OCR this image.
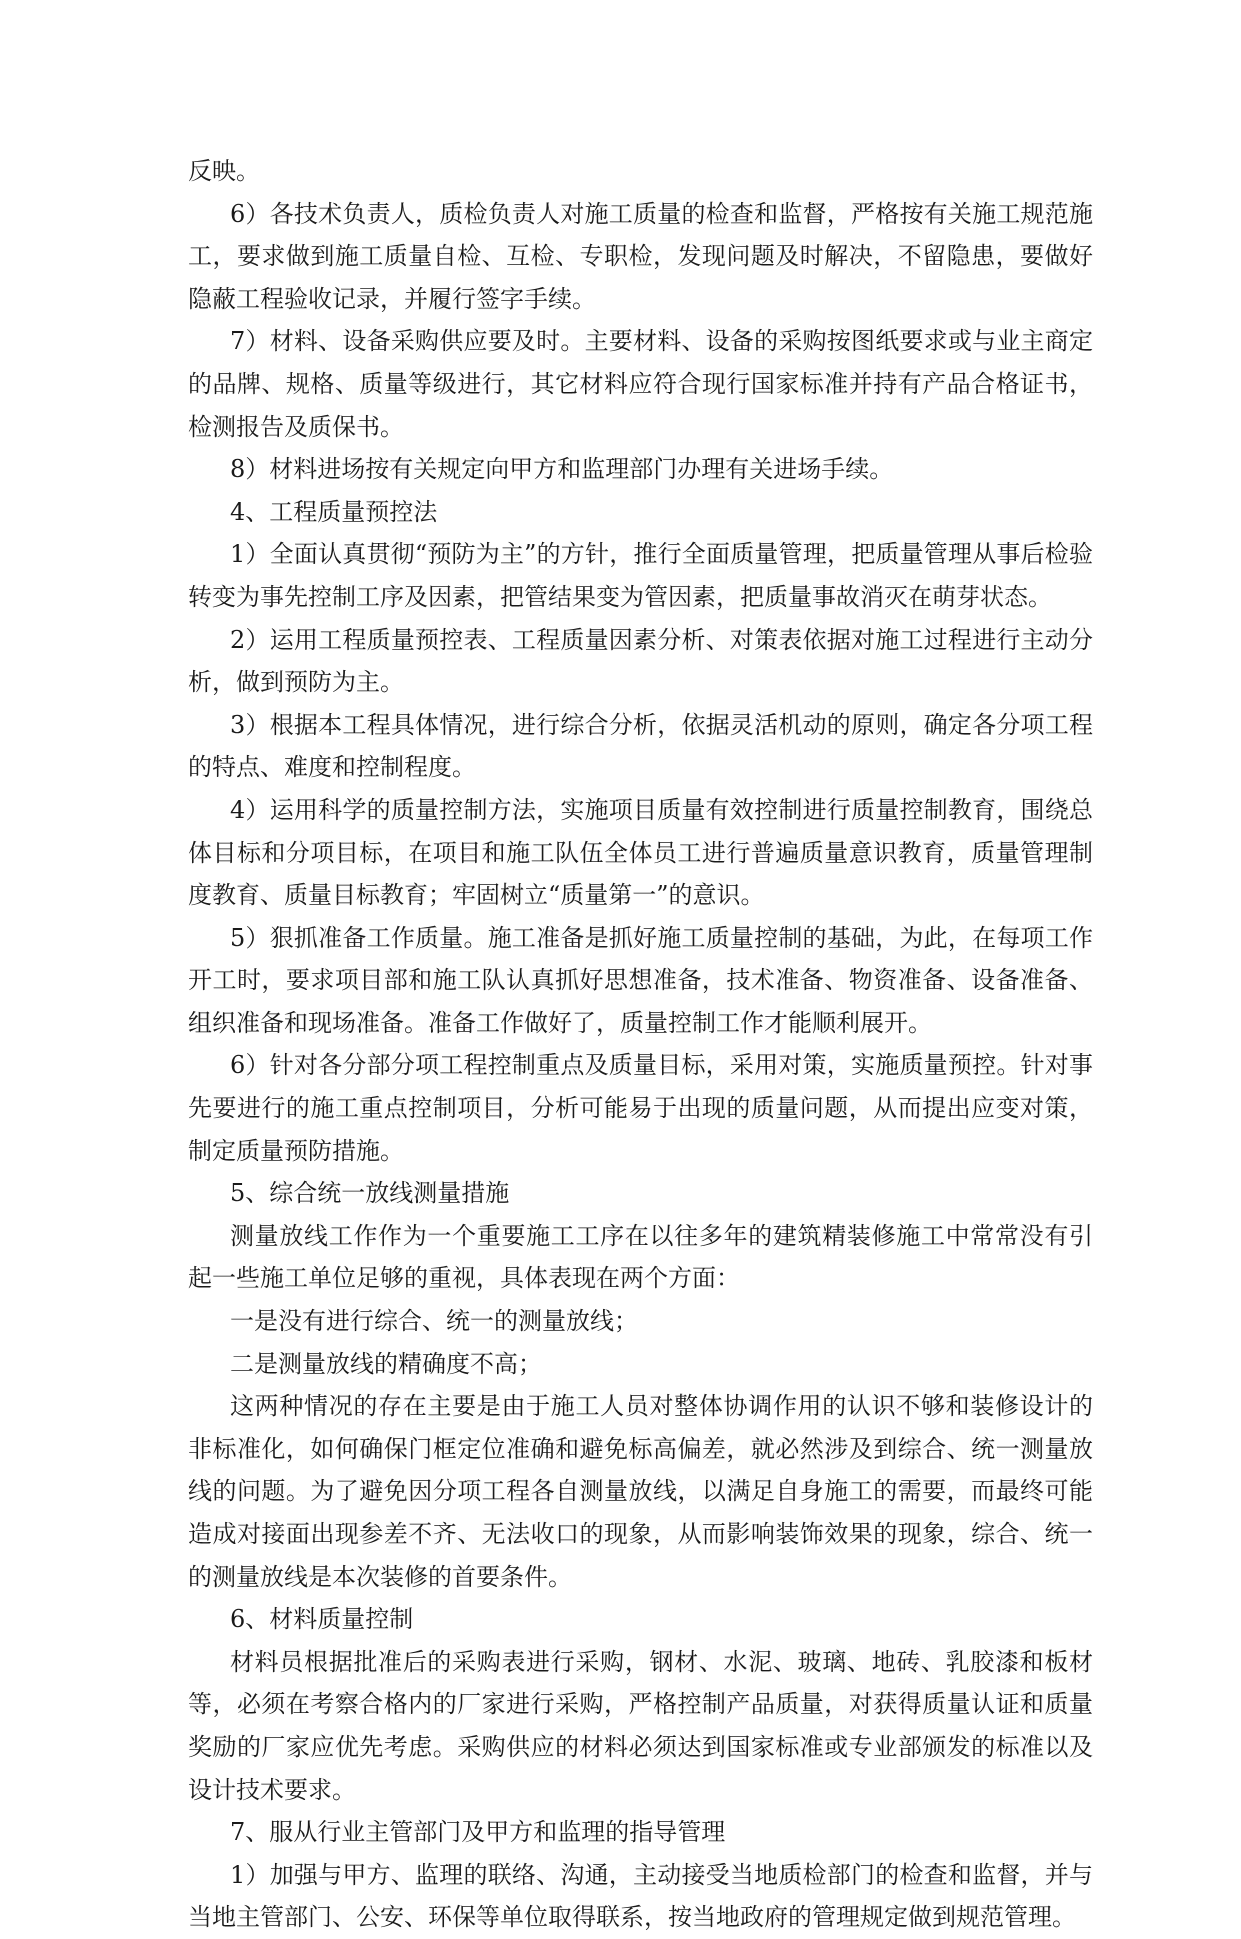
反映。

6）各技术负责人，质检负责人对施工质量的检查和监督，严格按有关施工规范施工，要求做到施工质量自检、互检、专职检，发现问题及时解决，不留隐患，要做好隐蔽工程验收记录，并履行签字手续。

7）材料、设备采购供应要及时。主要材料、设备的采购按图纸要求或与业主商定的品牌、规格、质量等级进行，其它材料应符合现行国家标准并持有产品合格证书，检测报告及质保书。

8）材料进场按有关规定向甲方和监理部门办理有关进场手续。

4、工程质量预控法

1）全面认真贯彻“预防为主”的方针，推行全面质量管理，把质量管理从事后检验转变为事先控制工序及因素，把管结果变为管因素，把质量事故消灭在萌芽状态。

2）运用工程质量预控表、工程质量因素分析、对策表依据对施工过程进行主动分析，做到预防为主。

3）根据本工程具体情况，进行综合分析，依据灵活机动的原则，确定各分项工程的特点、难度和控制程度。

4）运用科学的质量控制方法，实施项目质量有效控制进行质量控制教育，围绕总体目标和分项目标，在项目和施工队伍全体员工进行普遍质量意识教育，质量管理制度教育、质量目标教育；牢固树立“质量第一”的意识。

5）狠抓准备工作质量。施工准备是抓好施工质量控制的基础，为此，在每项工作开工时，要求项目部和施工队认真抓好思想准备，技术准备、物资准备、设备准备、组织准备和现场准备。准备工作做好了，质量控制工作才能顺利展开。

6）针对各分部分项工程控制重点及质量目标，采用对策，实施质量预控。针对事先要进行的施工重点控制项目，分析可能易于出现的质量问题，从而提出应变对策，制定质量预防措施。

5、综合统一放线测量措施

测量放线工作作为一个重要施工工序在以往多年的建筑精装修施工中常常没有引起一些施工单位足够的重视，具体表现在两个方面：

一是没有进行综合、统一的测量放线；

二是测量放线的精确度不高；

这两种情况的存在主要是由于施工人员对整体协调作用的认识不够和装修设计的非标准化，如何确保门框定位准确和避免标高偏差，就必然涉及到综合、统一测量放线的问题。为了避免因分项工程各自测量放线，以满足自身施工的需要，而最终可能造成对接面出现参差不齐、无法收口的现象，从而影响装饰效果的现象，综合、统一的测量放线是本次装修的首要条件。

6、材料质量控制

材料员根据批准后的采购表进行采购，钢材、水泥、玻璃、地砖、乳胶漆和板材等，必须在考察合格内的厂家进行采购，严格控制产品质量，对获得质量认证和质量奖励的厂家应优先考虑。采购供应的材料必须达到国家标准或专业部颁发的标准以及设计技术要求。

7、服从行业主管部门及甲方和监理的指导管理

1）加强与甲方、监理的联络、沟通，主动接受当地质检部门的检查和监督，并与当地主管部门、公安、环保等单位取得联系，按当地政府的管理规定做到规范管理。
